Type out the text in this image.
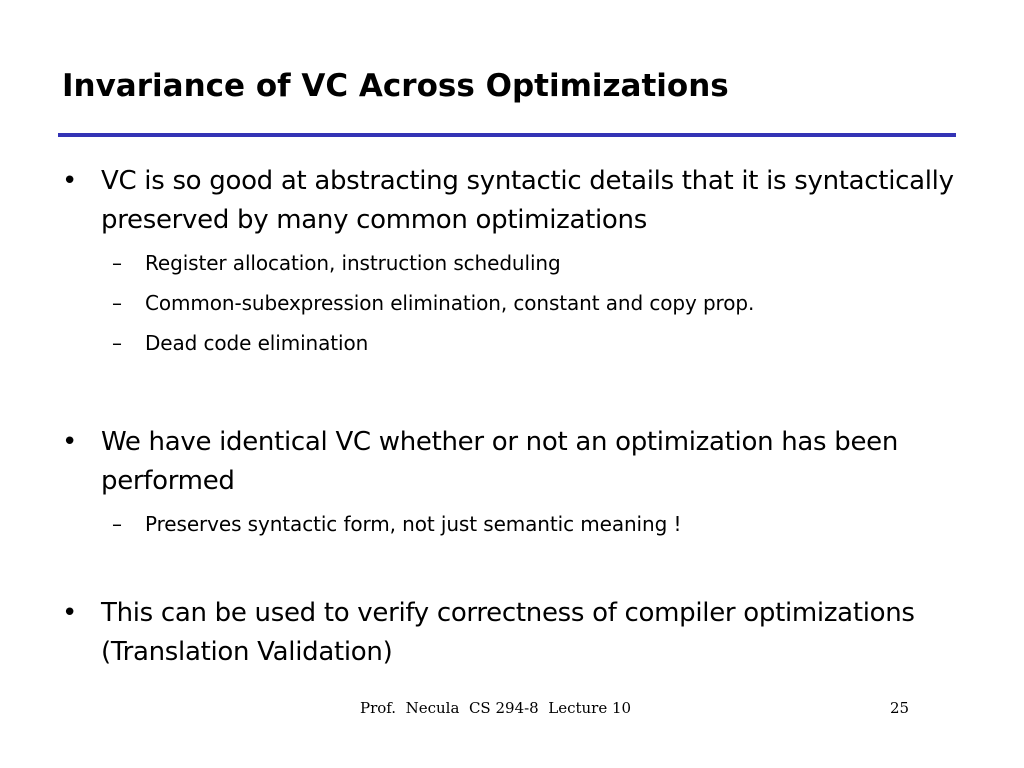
Invariance of VC Across Optimizations
• VC is so good at abstracting syntactic details that it is syntactically preserved by many common optimizations
– Register allocation, instruction scheduling
– Common-subexpression elimination, constant and copy prop.
– Dead code elimination
• We have identical VC whether or not an optimization has been performed
– Preserves syntactic form, not just semantic meaning !
• This can be used to verify correctness of compiler optimizations (Translation Validation)
Prof.  Necula  CS 294-8  Lecture 10	25
